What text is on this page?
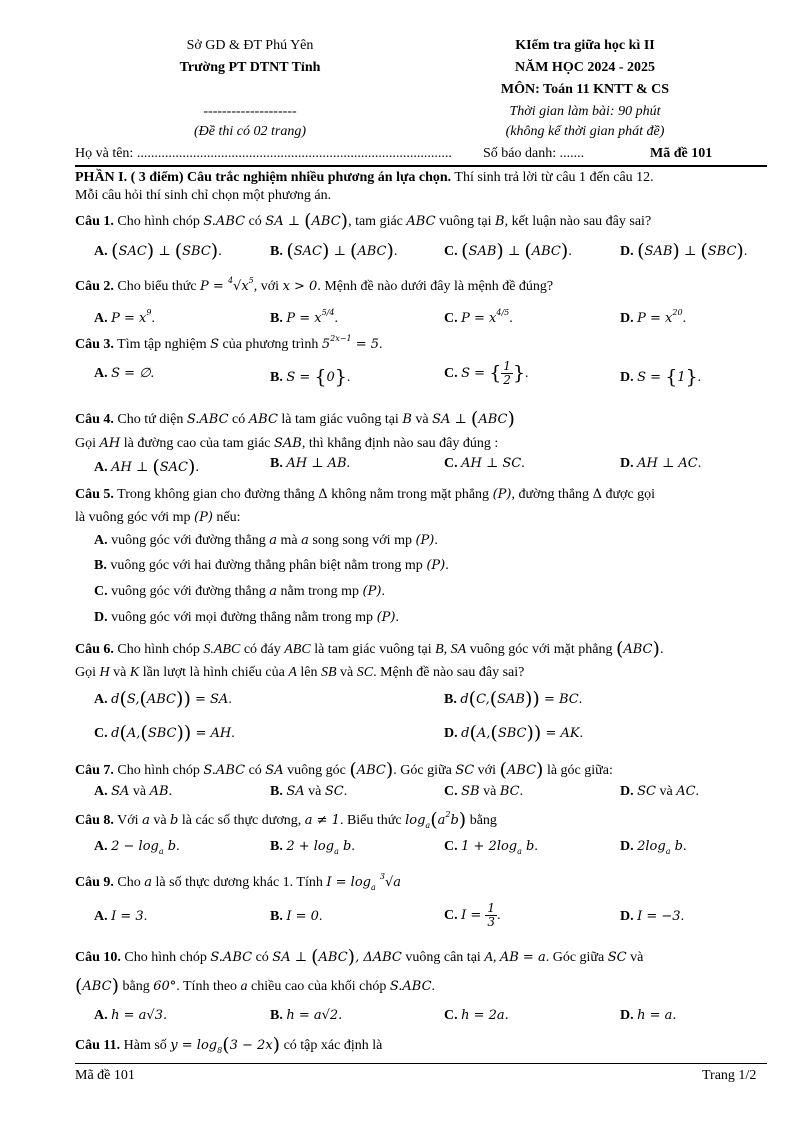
Sở GD & ĐT Phú Yên
Trường PT DTNT Tỉnh
--------------------
(Đề thi có 02 trang)
KIểm tra giữa học kì II
NĂM HỌC 2024 - 2025
MÔN: Toán 11 KNTT & CS
Thời gian làm bài: 90 phút
(không kể thời gian phát đề)
Họ và tên: .......................................................................................... Số báo danh: .......	Mã đề 101
PHẦN I. ( 3 điểm) Câu trắc nghiệm nhiều phương án lựa chọn. Thí sinh trả lời từ câu 1 đến câu 12.
Mỗi câu hỏi thí sinh chỉ chọn một phương án.
Câu 1. Cho hình chóp S.ABC có SA ⊥ (ABC), tam giác ABC vuông tại B, kết luận nào sau đây sai?
A. (SAC) ⊥ (SBC).	B. (SAC) ⊥ (ABC).	C. (SAB) ⊥ (ABC).	D. (SAB) ⊥ (SBC).
Câu 2. Cho biểu thức $P = ^4√x^5$, với x > 0. Mệnh đề nào dưới đây là mệnh đề đúng?
A. $P = x^9$.	B. $P = x^{5/4}$.	C. $P = x^{4/5}$.	D. $P = x^{20}$.
Câu 3. Tìm tập nghiệm S của phương trình $5^{2x-1} = 5$.
A. S = ∅.	B. S = {0}.	C. S = { $\frac{1}{2}$ }.	D. S = {1}.
Câu 4. Cho tứ diện S.ABC có ABC là tam giác vuông tại B và SA ⊥ (ABC)
Gọi AH là đường cao của tam giác SAB, thì khẳng định nào sau đây đúng :
A. AH ⊥ (SAC).	B. AH ⊥ AB.	C. AH ⊥ SC.	D. AH ⊥ AC.
Câu 5. Trong không gian cho đường thẳng Δ không nằm trong mặt phẳng (P), đường thẳng Δ được gọi
là vuông góc với mp (P) nếu:
A. vuông góc với đường thẳng a mà a song song với mp (P).
B. vuông góc với hai đường thẳng phân biệt nằm trong mp (P).
C. vuông góc với đường thẳng a nằm trong mp (P).
D. vuông góc với mọi đường thẳng nằm trong mp (P).
Câu 6. Cho hình chóp S.ABC có đáy ABC là tam giác vuông tại B, SA vuông góc với mặt phẳng (ABC).
Gọi H và K lần lượt là hình chiếu của A lên SB và SC. Mệnh đề nào sau đây sai?
A. d(S,(ABC)) = SA.	B. d(C,(SAB)) = BC.
C. d(A,(SBC)) = AH.	D. d(A,(SBC)) = AK.
Câu 7. Cho hình chóp S.ABC có SA vuông góc (ABC). Góc giữa SC với (ABC) là góc giữa:
A. SA và AB.	B. SA và SC.	C. SB và BC.	D. SC và AC.
Câu 8. Với a và b là các số thực dương, a ≠ 1. Biểu thức $\log_a(a^2b)$ bằng
A. $2 - \log_a b$.	B. $2 + \log_a b$.	C. $1 + 2\log_a$ b.	D. $2\log_a$ b.
Câu 9. Cho a là số thực dương khác 1. Tính $I = \log_a ^3√a$
A. I = 3.	B. I = 0.	C. $I = \frac{1}{3}$ .	D. I = −3.
Câu 10. Cho hình chóp S.ABC có SA ⊥ (ABC), ΔABC vuông cân tại A, AB = a. Góc giữa SC và
(ABC) bằng 60°. Tính theo a chiều cao của khối chóp S.ABC.
A. h = a√3.	B. h = a√2.	C. h = 2a.	D. h = a.
Câu 11. Hàm số $y = \log_8(3 - 2x)$ có tập xác định là
Mã đề 101	Trang 1/2
